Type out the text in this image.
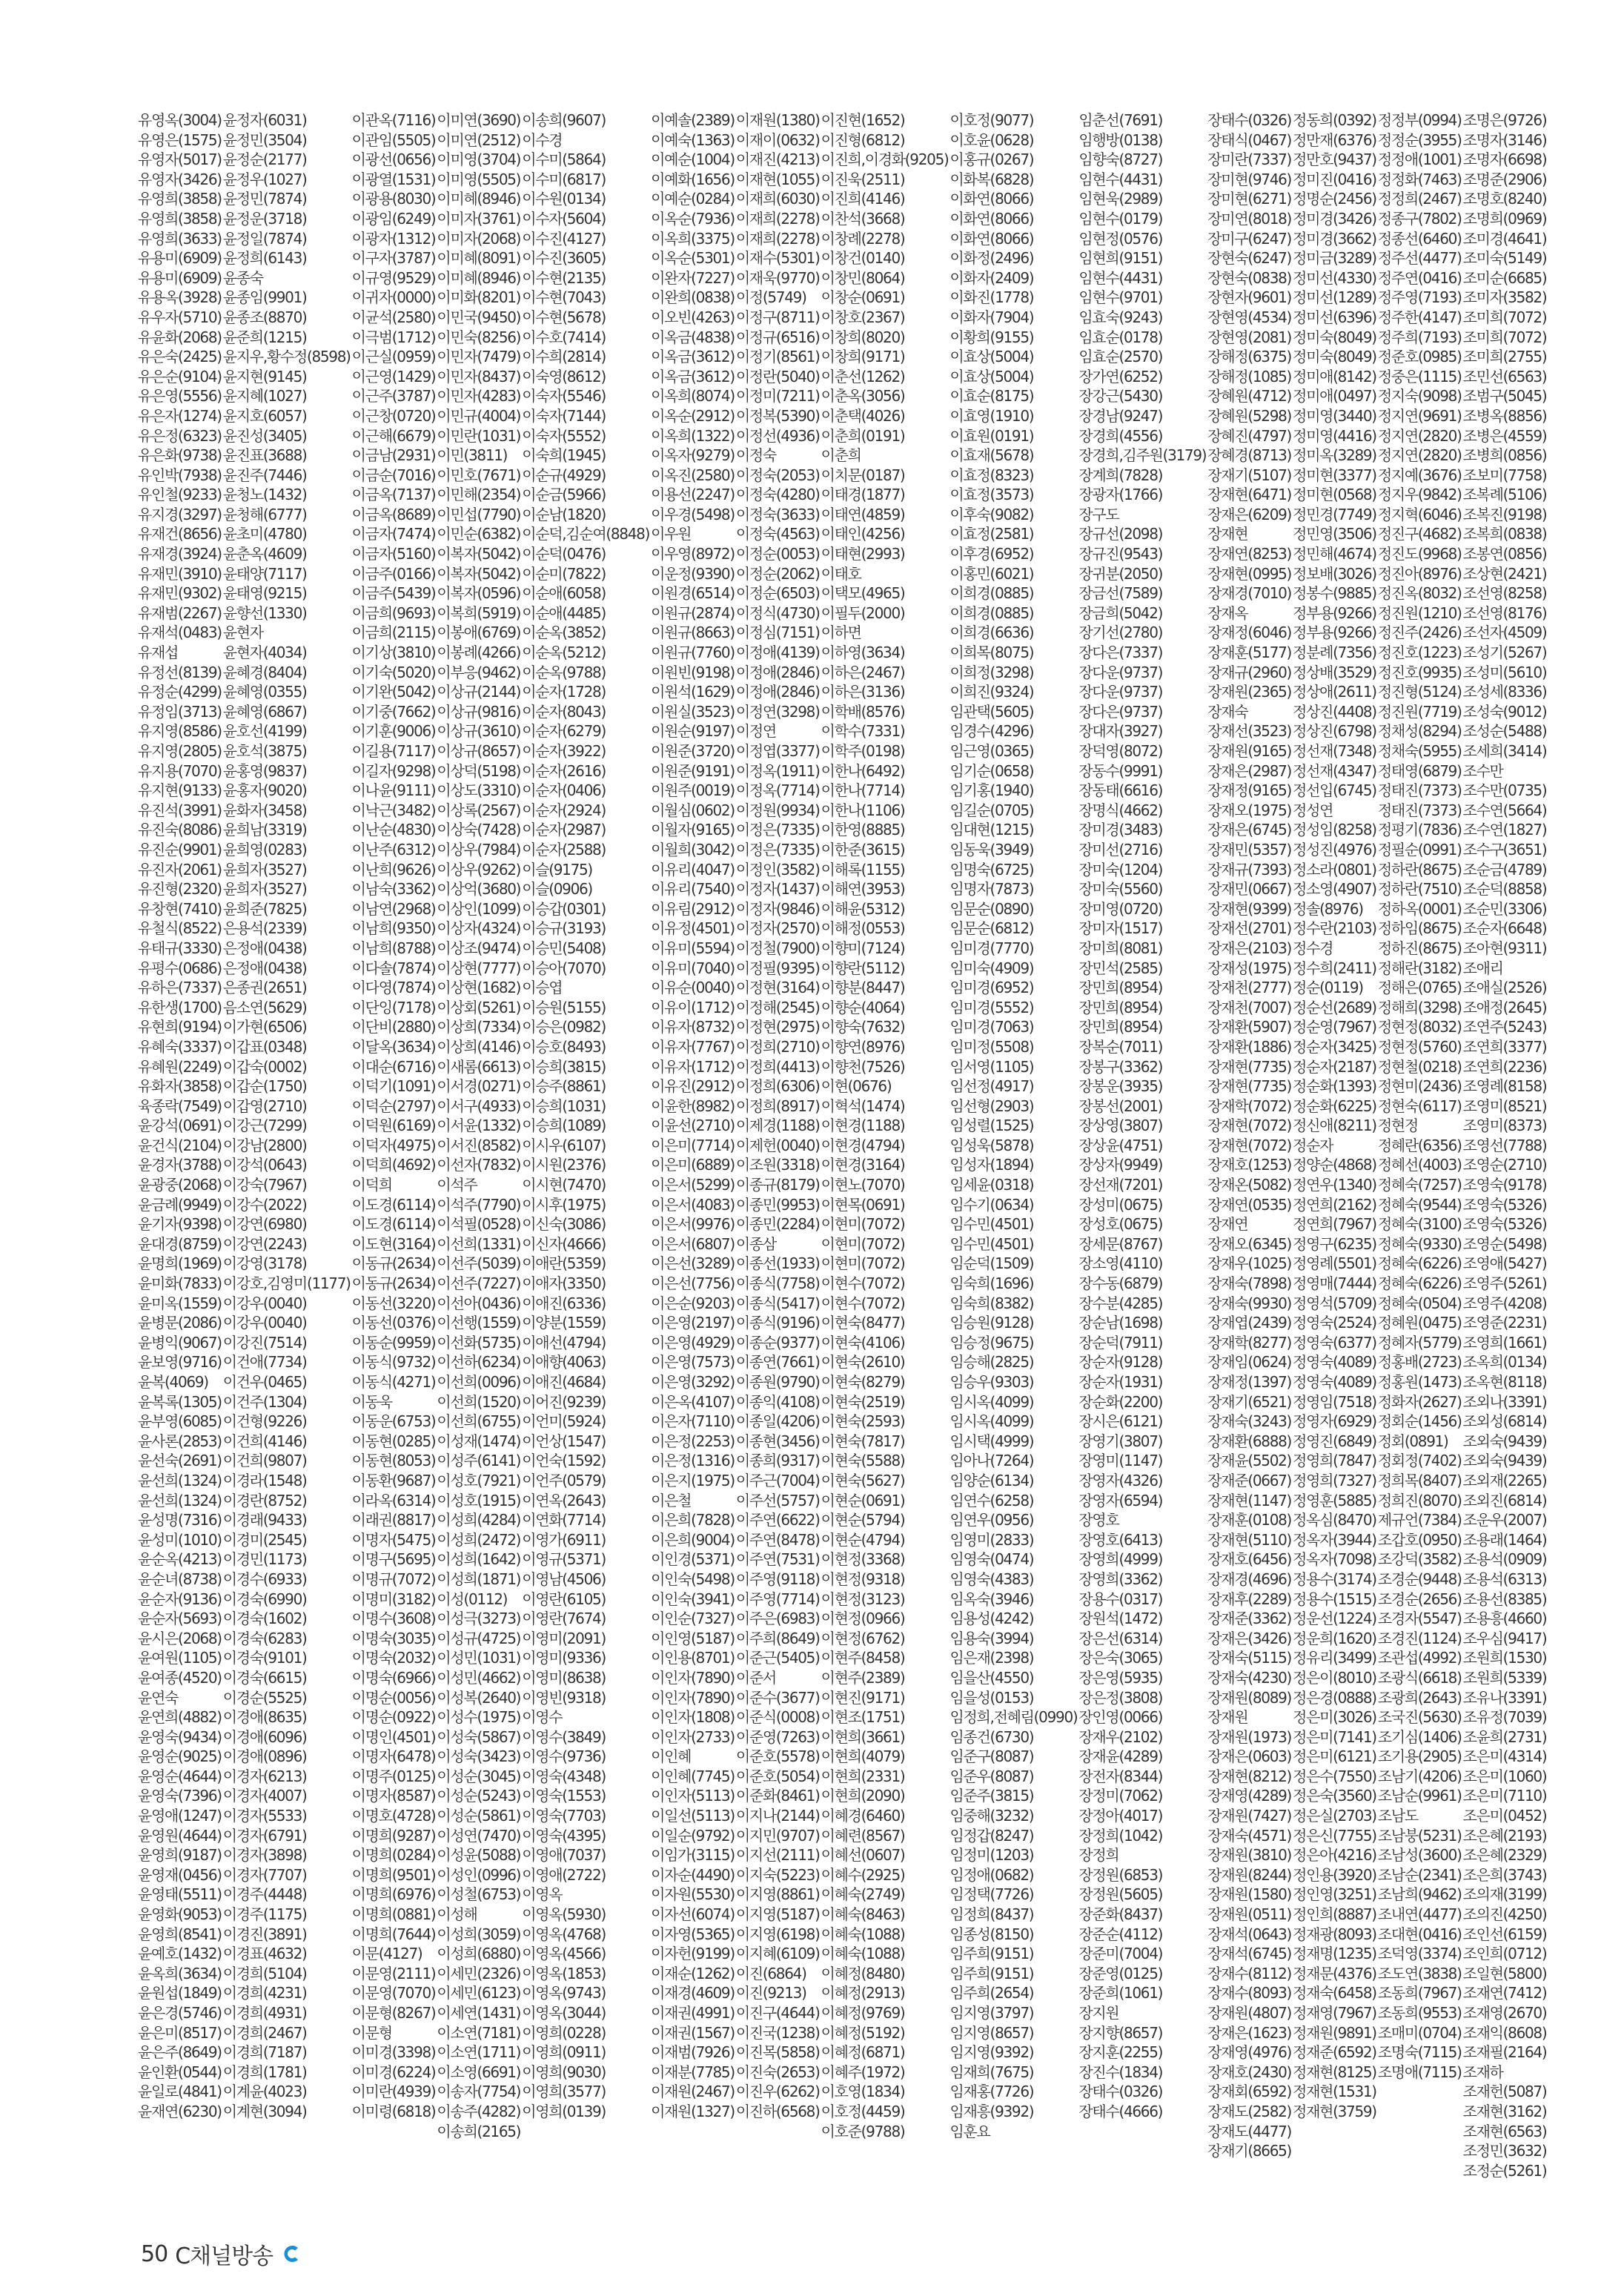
유영옥(3004)
유영은(1575)
유영자(5017)
유영자(3426)
유영희(3858)
유영희(3858)
유영희(3633)
유용미(6909)
유용미(6909)
유용옥(3928)
유우자(5710)
유윤화(2068)
유은숙(2425)
유은순(9104)
유은영(5556)
유은자(1274)
유은정(6323)
유은화(9738)
유인박(7938)
유인철(9233)
유지경(3297)
유재건(8656)
유재경(3924)
유재민(3910)
유재민(9302)
유재범(2267)
유재석(0483)
유재섭
유정선(8139)
유정순(4299)
유정임(3713)
유지영(8586)
유지영(2805)
유지용(7070)
유지현(9133)
유진석(3991)
유진숙(8086)
유진순(9901)
유진자(2061)
유진형(2320)
유창현(7410)
유철식(8522)
유태규(3330)
유평수(0686)
유하은(7337)
유한생(1700)
유현희(9194)
유혜숙(3337)
유혜원(2249)
유화자(3858)
육종락(7549)
윤강석(0691)
윤건식(2104)
윤경자(3788)
윤광중(2068)
윤금례(9949)
윤기자(9398)
윤대경(8759)
윤명희(1969)
윤미화(7833)
윤미옥(1559)
윤병문(2086)
윤병익(9067)
윤보영(9716)
윤복(4069)
윤복록(1305)
윤부영(6085)
윤사론(2853)
윤선숙(2691)
윤선희(1324)
윤선희(1324)
윤성명(7316)
윤성미(1010)
윤순옥(4213)
윤순녀(8738)
윤순자(9136)
윤순자(5693)
윤시은(2068)
윤여원(1105)
윤여종(4520)
윤연숙
윤연희(4882)
윤영숙(9434)
윤영순(9025)
윤영순(4644)
윤영숙(7396)
윤영애(1247)
윤영원(4644)
윤영희(9187)
윤영재(0456)
윤영태(5511)
윤영화(9053)
윤영희(8541)
윤예호(1432)
윤옥희(3634)
윤원섭(1849)
윤은경(5746)
윤은미(8517)
윤은주(8649)
윤인환(0544)
윤일로(4841)
윤재연(6230)
윤정자(6031)
윤정민(3504)
윤정순(2177)
윤정우(1027)
윤정민(7874)
윤정운(3718)
윤정일(7874)
윤정희(6143)
윤종숙
윤종임(9901)
윤종조(8870)
윤준희(1215)
윤지우,황수정(8598)
윤지현(9145)
윤지혜(1027)
윤지호(6057)
윤진성(3405)
윤진표(3688)
윤진주(7446)
윤청노(1432)
윤청해(6777)
윤초미(4780)
윤춘옥(4609)
윤태양(7117)
윤태영(9215)
윤향선(1330)
윤현자
윤현자(4034)
윤혜경(8404)
윤혜영(0355)
윤혜영(6867)
윤호선(4199)
윤호석(3875)
윤홍영(9837)
윤홍자(9020)
윤화자(3458)
윤희남(3319)
윤희영(0283)
윤희자(3527)
윤희자(3527)
윤희준(7825)
은용석(2339)
은정애(0438)
은정애(0438)
은종권(2651)
음소연(5629)
이가현(6506)
이갑표(0348)
이갑숙(0002)
이갑순(1750)
이갑영(2710)
이강근(7299)
이강남(2800)
이강석(0643)
이강숙(7967)
이강수(2022)
이강연(6980)
이강연(2243)
이강영(3178)
이강호,김영미(1177)
이강우(0040)
이강우(0040)
이강진(7514)
이건애(7734)
이건우(0465)
이건주(1304)
이건형(9226)
이건희(4146)
이건희(9807)
이경라(1548)
이경란(8752)
이경래(9433)
이경미(2545)
이경민(1173)
이경수(6933)
이경숙(6990)
이경숙(1602)
이경숙(6283)
이경숙(9101)
이경숙(6615)
이경순(5525)
이경애(8635)
이경애(6096)
이경애(0896)
이경자(6213)
이경자(4007)
이경자(5533)
이경자(6791)
이경자(3898)
이경자(7707)
이경주(4448)
이경주(1175)
이경진(3891)
이경표(4632)
이경희(5104)
이경희(4231)
이경희(4931)
이경희(2467)
이경희(7187)
이경희(1781)
이계윤(4023)
이계현(3094)
이관옥(7116)
이관임(5505)
이광선(0656)
이광열(1531)
이광용(8030)
이광임(6249)
이광자(1312)
이구자(3787)
이규영(9529)
이귀자(0000)
이균석(2580)
이극범(1712)
이근실(0959)
이근영(1429)
이근주(3787)
이근창(0720)
이근해(6679)
이금남(2931)
이금순(7016)
이금옥(7137)
이금옥(8689)
이금자(7474)
이금자(5160)
이금주(0166)
이금주(5439)
이금희(9693)
이금희(2115)
이기상(3810)
이기숙(5020)
이기완(5042)
이기중(7662)
이기훈(9006)
이길용(7117)
이길자(9298)
이나윤(9111)
이낙근(3482)
이난순(4830)
이난주(6312)
이난희(9626)
이남숙(3362)
이남연(2968)
이남희(9350)
이남희(8788)
이다솔(7874)
이다영(7874)
이단잉(7178)
이단비(2880)
이달옥(3634)
이대순(6716)
이덕기(1091)
이덕순(2797)
이덕원(6169)
이덕자(4975)
이덕희(4692)
이덕희
이도경(6114)
이도경(6114)
이도현(3164)
이동규(2634)
이동규(2634)
이동선(3220)
이동선(0376)
이동순(9959)
이동식(9732)
이동식(4271)
이동욱
이동운(6753)
이동현(0285)
이동현(8053)
이동환(9687)
이라옥(6314)
이래권(8817)
이명자(5475)
이명구(5695)
이명규(7072)
이명미(3182)
이명수(3608)
이명숙(3035)
이명숙(2032)
이명숙(6966)
이명순(0056)
이명순(0922)
이명인(4501)
이명자(6478)
이명주(0125)
이명자(8587)
이명호(4728)
이명희(9287)
이명희(0284)
이명희(9501)
이명희(6976)
이명희(0881)
이명희(7644)
이문(4127)
이문영(2111)
이문영(7070)
이문형(8267)
이문형
이미경(3398)
이미경(6224)
이미란(4939)
이미령(6818)
이미연(3690)
이미연(2512)
이미영(3704)
이미영(5505)
이미혜(8946)
이미자(3761)
이미자(2068)
이미혜(8091)
이미혜(8946)
이미화(8201)
이민국(9450)
이민숙(8256)
이민자(7479)
이민자(8437)
이민자(4283)
이민규(4004)
이민란(1031)
이민(3811)
이민호(7671)
이민해(2354)
이민섭(7790)
이민순(6382)
이복자(5042)
이복자(5042)
이복자(0596)
이복희(5919)
이봉애(6769)
이봉례(4266)
이부응(9462)
이상규(2144)
이상규(9816)
이상규(3610)
이상규(8657)
이상덕(5198)
이상도(3310)
이상록(2567)
이상숙(7428)
이상우(7984)
이상우(9262)
이상억(3680)
이상인(1099)
이상자(4324)
이상조(9474)
이상현(7777)
이상현(1682)
이상회(5261)
이상희(7334)
이상희(4146)
이새롬(6613)
이서경(0271)
이서구(4933)
이서윤(1332)
이서진(8582)
이선자(7832)
이석주
이석주(7790)
이석필(0528)
이선희(1331)
이선주(5039)
이선주(7227)
이선아(0436)
이선행(1559)
이선화(5735)
이선하(6234)
이선희(0096)
이선희(1520)
이선희(6755)
이성재(1474)
이성주(6141)
이성호(7921)
이성호(1915)
이성희(4284)
이성희(2472)
이성희(1642)
이성희(1871)
이성(0112)
이성극(3273)
이성규(4725)
이성민(1031)
이성민(4662)
이성복(2640)
이성수(1975)
이성숙(5867)
이성숙(3423)
이성순(3045)
이성순(5243)
이성순(5861)
이성연(7470)
이성윤(5088)
이성인(0996)
이성철(6753)
이성해
이성희(3059)
이성희(6880)
이세민(2326)
이세민(6123)
이세연(1431)
이소연(7181)
이소연(1711)
이소영(6691)
이송자(7754)
이송주(4282)
이송희(2165)
이송희(9607)
이수경
이수미(5864)
이수미(6817)
이수원(0134)
이수자(5604)
이수진(4127)
이수진(3605)
이수현(2135)
이수현(7043)
이수현(5678)
이수호(7414)
이수희(2814)
이숙영(8612)
이숙자(5546)
이숙자(7144)
이숙자(5552)
이숙희(1945)
이순규(4929)
이순금(5966)
이순남(1820)
이순덕,김순여(8848)
이순덕(0476)
이순미(7822)
이순애(6058)
이순애(4485)
이순옥(3852)
이순옥(5212)
이순옥(9788)
이순자(1728)
이순자(8043)
이순자(6279)
이순자(3922)
이순자(2616)
이순자(0406)
이순자(2924)
이순자(2987)
이순자(2588)
이슬(9175)
이슬(0906)
이승갑(0301)
이승규(3193)
이승민(5408)
이승아(7070)
이승엽
이승원(5155)
이승은(0982)
이승호(8493)
이승희(3815)
이승주(8861)
이승희(1031)
이승희(1089)
이시우(6107)
이시원(2376)
이시현(7470)
이시후(1975)
이신숙(3086)
이신자(4666)
이애란(5359)
이애자(3350)
이애진(6336)
이양분(1559)
이애선(4794)
이애향(4063)
이애진(4684)
이어진(9239)
이언미(5924)
이언상(1547)
이언숙(1592)
이언주(0579)
이연옥(2643)
이연화(7714)
이영가(6911)
이영규(5371)
이영남(4506)
이영란(6105)
이영란(7674)
이영미(2091)
이영미(9336)
이영미(8638)
이영빈(9318)
이영수
이영수(3849)
이영수(9736)
이영숙(4348)
이영숙(1553)
이영숙(7703)
이영숙(4395)
이영애(7037)
이영애(2722)
이영옥
이영옥(5930)
이영옥(4768)
이영옥(4566)
이영옥(1853)
이영옥(9743)
이영옥(3044)
이영희(0228)
이영희(0911)
이영희(9030)
이영희(3577)
이영희(0139)
이예솔(2389)
이예숙(1363)
이예순(1004)
이예화(1656)
이예순(0284)
이옥순(7936)
이옥희(3375)
이옥순(5301)
이완자(7227)
이완희(0838)
이오빈(4263)
이옥금(4838)
이옥금(3612)
이옥금(3612)
이옥희(8074)
이옥순(2912)
이옥희(1322)
이옥자(9279)
이옥진(2580)
이용선(2247)
이우경(5498)
이우원
이우영(8972)
이운정(9390)
이원경(6514)
이원규(2874)
이원규(8663)
이원규(7760)
이원빈(9198)
이원석(1629)
이원실(3523)
이원순(9197)
이원준(3720)
이원준(9191)
이원주(0019)
이월심(0602)
이월자(9165)
이월희(3042)
이유리(4047)
이유리(7540)
이유림(2912)
이유정(4501)
이유미(5594)
이유미(7040)
이유순(0040)
이유이(1712)
이유자(8732)
이유자(7767)
이유자(1712)
이유진(2912)
이윤한(8982)
이윤선(2710)
이은미(7714)
이은미(6889)
이은서(5299)
이은서(4083)
이은서(9976)
이은서(6807)
이은선(3289)
이은선(7756)
이은순(9203)
이은영(2197)
이은영(4929)
이은영(7573)
이은영(3292)
이은옥(4107)
이은자(7110)
이은정(2253)
이은정(1316)
이은지(1975)
이은철
이은희(7828)
이은희(9004)
이인경(5371)
이인숙(5498)
이인숙(3941)
이인순(7327)
이인영(5187)
이인용(8701)
이인자(7890)
이인자(7890)
이인자(1808)
이인자(2733)
이인혜
이인혜(7745)
이인자(5113)
이일선(5113)
이일순(9792)
이임가(3115)
이자순(4490)
이자원(5530)
이자선(6074)
이자영(5365)
이자헌(9199)
이재순(1262)
이재경(4609)
이재권(4991)
이재권(1567)
이재범(7926)
이재분(7785)
이재원(2467)
이재원(1327)
이재원(1380)
이재이(0632)
이재진(4213)
이재현(1055)
이재희(6030)
이재희(2278)
이재희(2278)
이재수(5301)
이재욱(9770)
이정(5749)
이정구(8711)
이정규(6516)
이정기(8561)
이정란(5040)
이정미(7211)
이정복(5390)
이정선(4936)
이정숙
이정숙(2053)
이정숙(4280)
이정숙(3633)
이정숙(4563)
이정순(0053)
이정순(2062)
이정순(6503)
이정식(4730)
이정심(7151)
이정애(4139)
이정애(2846)
이정애(2846)
이정연(3298)
이정연
이정엽(3377)
이정옥(1911)
이정옥(7714)
이정원(9934)
이정은(7335)
이정은(7335)
이정인(3582)
이정자(1437)
이정자(9846)
이정자(2570)
이정철(7900)
이정필(9395)
이정현(3164)
이정해(2545)
이정현(2975)
이정희(2710)
이정희(4413)
이정희(6306)
이정희(8917)
이제경(1188)
이제헌(0040)
이조원(3318)
이종규(8179)
이종민(9953)
이종민(2284)
이종삼
이종선(1933)
이종식(7758)
이종식(5417)
이종식(9196)
이종순(9377)
이종연(7661)
이종원(9790)
이종익(4108)
이종일(4206)
이종현(3456)
이종희(9317)
이주근(7004)
이주선(5757)
이주연(6622)
이주연(8478)
이주연(7531)
이주영(9118)
이주영(7714)
이주은(6983)
이주희(8649)
이준근(5405)
이준서
이준수(3677)
이준식(0008)
이준영(7263)
이준호(5578)
이준호(5054)
이준화(8461)
이지나(2144)
이지민(9707)
이지선(2111)
이지숙(5223)
이지영(8861)
이지영(5187)
이지영(6198)
이지혜(6109)
이진(6864)
이진(9213)
이진구(4644)
이진국(1238)
이진목(5858)
이진숙(2653)
이진우(6262)
이진하(6568)
이진현(1652)
이진형(6812)
이진희,이경화(9205)
이진욱(2511)
이진희(4146)
이찬석(3668)
이창례(2278)
이창건(0140)
이창민(8064)
이창순(0691)
이창호(2367)
이창희(8020)
이창희(9171)
이춘선(1262)
이춘옥(3056)
이춘택(4026)
이춘희(0191)
이춘희
이치문(0187)
이태경(1877)
이태연(4859)
이태인(4256)
이태현(2993)
이태호
이택모(4965)
이필두(2000)
이하면
이하영(3634)
이하은(2467)
이하은(3136)
이학배(8576)
이학수(7331)
이학주(0198)
이한나(6492)
이한나(7714)
이한나(1106)
이한영(8885)
이한준(3615)
이해록(1155)
이해연(3953)
이해윤(5312)
이해정(0553)
이향미(7124)
이향란(5112)
이향분(8447)
이향순(4064)
이향숙(7632)
이향연(8976)
이향천(7526)
이현(0676)
이혁석(1474)
이현경(1188)
이현경(4794)
이현경(3164)
이현노(7070)
이현목(0691)
이현미(7072)
이현미(7072)
이현미(7072)
이현수(7072)
이현수(7072)
이현숙(8477)
이현숙(4106)
이현숙(2610)
이현숙(8279)
이현숙(2519)
이현숙(2593)
이현숙(7817)
이현숙(5588)
이현숙(5627)
이현순(0691)
이현순(5794)
이현순(4794)
이현정(3368)
이현정(9318)
이현정(3123)
이현정(0966)
이현정(6762)
이현주(8458)
이현주(2389)
이현진(9171)
이현조(1751)
이현희(3661)
이현희(4079)
이현희(2331)
이현희(2090)
이혜경(6460)
이혜련(8567)
이혜선(0607)
이혜수(2925)
이혜숙(2749)
이혜숙(8463)
이혜숙(1088)
이혜숙(1088)
이혜정(8480)
이혜정(2913)
이혜정(9769)
이혜정(5192)
이혜정(6871)
이혜주(1972)
이호영(1834)
이호정(4459)
이호준(9788)
이호정(9077)
이호윤(0628)
이홍규(0267)
이화복(6828)
이화연(8066)
이화연(8066)
이화연(8066)
이화정(2496)
이화자(2409)
이화진(1778)
이화자(7904)
이황희(9155)
이효상(5004)
이효상(5004)
이효순(8175)
이효영(1910)
이효원(0191)
이효재(5678)
이효정(8323)
이효정(3573)
이후숙(9082)
이효정(2581)
이후경(6952)
이홍민(6021)
이희경(0885)
이희경(0885)
이희경(6636)
이희목(8075)
이희정(3298)
이희진(9324)
임관택(5605)
임경수(4296)
임근영(0365)
임기순(0658)
임기홍(1940)
임길순(0705)
임대현(1215)
임동욱(3949)
임명숙(6725)
임명자(7873)
임문순(0890)
임문순(6812)
임미경(7770)
임미숙(4909)
임미경(6952)
임미경(5552)
임미경(7063)
임미정(5508)
임서영(1105)
임선정(4917)
임선형(2903)
임성렬(1525)
임성욱(5878)
임성자(1894)
임세윤(0318)
임수기(0634)
임수민(4501)
임수민(4501)
임순덕(1509)
임숙희(1696)
임숙희(8382)
임승원(9128)
임승정(9675)
임승해(2825)
임승우(9303)
임시옥(4099)
임시옥(4099)
임시택(4999)
임아나(7264)
임양순(6134)
임연수(6258)
임연우(0956)
임영미(2833)
임영숙(0474)
임영숙(4383)
임옥숙(3946)
임용성(4242)
임용숙(3994)
임은재(2398)
임을산(4550)
임을성(0153)
임정희,전혜림(0990)
임종건(6730)
임준구(8087)
임준우(8087)
임준주(3815)
임중해(3232)
임정갑(8247)
임정미(1203)
임정애(0682)
임정택(7726)
임정희(8437)
임종성(8150)
임주희(9151)
임주희(9151)
임주희(2654)
임지영(3797)
임지영(8657)
임지영(9392)
임재희(7675)
임재홍(7726)
임재흥(9392)
임훈요
임춘선(7691)
임행방(0138)
임향숙(8727)
임현수(4431)
임현욱(2989)
임현수(0179)
임현정(0576)
임현희(9151)
임현수(4431)
임현수(9701)
임효숙(9243)
임효순(0178)
임효순(2570)
장가연(6252)
장강근(5430)
장경남(9247)
장경희(4556)
장경희,김주원(3179)
장계희(7828)
장광자(1766)
장구도
장규선(2098)
장규진(9543)
장귀분(2050)
장금선(7589)
장금희(5042)
장기선(2780)
장다은(7337)
장다운(9737)
장다운(9737)
장다은(9737)
장대자(3927)
장덕영(8072)
장동수(9991)
장동태(6616)
장명식(4662)
장미경(3483)
장미선(2716)
장미숙(1204)
장미숙(5560)
장미영(0720)
장미자(1517)
장미희(8081)
장민석(2585)
장민희(8954)
장민희(8954)
장민희(8954)
장복순(7011)
장봉구(3362)
장봉운(3935)
장봉선(2001)
장상영(3807)
장상윤(4751)
장상자(9949)
장선재(7201)
장성미(0675)
장성호(0675)
장세문(8767)
장소영(4110)
장수동(6879)
장수분(4285)
장순남(1698)
장순덕(7911)
장순자(9128)
장순자(1931)
장순화(2200)
장시은(6121)
장영기(3807)
장영미(1147)
장영자(4326)
장영자(6594)
장영호
장영호(6413)
장영희(4999)
장영희(3362)
장용수(0317)
장원석(1472)
장은선(6314)
장은숙(3065)
장은영(5935)
장은정(3808)
장인영(0066)
장재우(2102)
장재윤(4289)
장전자(8344)
장정미(7062)
장정아(4017)
장정희(1042)
장정희
장정원(6853)
장정원(5605)
장준화(8437)
장준순(4112)
장준미(7004)
장준영(0125)
장준희(1061)
장지원
장지향(8657)
장지훈(2255)
장진수(1834)
장태수(0326)
장태수(4666)
장태수(0326)
장태식(0467)
장미란(7337)
장미현(9746)
장미현(6271)
장미연(8018)
장미구(6247)
장현숙(6247)
장현숙(0838)
장현자(9601)
장현영(4534)
장현영(2081)
장해정(6375)
장해정(1085)
장혜원(4712)
장혜원(5298)
장혜진(4797)
장혜경(8713)
장재기(5107)
장재현(6471)
장재은(6209)
장재현
장재연(8253)
장재현(0995)
장재경(7010)
장재옥
장재정(6046)
장재훈(5177)
장재규(2960)
장재원(2365)
장재숙
장재선(3523)
장재원(9165)
장재은(2987)
장재정(9165)
장재오(1975)
장재은(6745)
장재민(5357)
장재규(7393)
장재민(0667)
장재현(9399)
장재선(2701)
장재은(2103)
장재성(1975)
장재천(2777)
장재천(7007)
장재환(5907)
장재환(1886)
장재현(7735)
장재현(7735)
장재학(7072)
장재현(7072)
장재현(7072)
장재호(1253)
장재온(5082)
장재연(0535)
장재연
장재오(6345)
장재우(1025)
장재숙(7898)
장재숙(9930)
장재엽(2439)
장재학(8277)
장재임(0624)
장재정(1397)
장재기(6521)
장재숙(3243)
장재환(6888)
장재윤(5502)
장재준(0667)
장재현(1147)
장재훈(0108)
장재현(5110)
장재호(6456)
장재경(4696)
장재후(2289)
장재준(3362)
장재은(3426)
장재숙(5115)
장재숙(4230)
장재원(8089)
장재원
장재원(1973)
장재은(0603)
장재현(8212)
장재영(4289)
장재원(7427)
장재숙(4571)
장재원(3810)
장재원(8244)
장재원(1580)
장재원(0511)
장재석(0643)
장재석(6745)
장재수(8112)
장재수(8093)
장재원(4807)
장재은(1623)
장재영(4976)
장재호(2430)
장재회(6592)
장재도(2582)
장재도(4477)
장재기(8665)
정동희(0392)
정만재(6376)
정만호(9437)
정미진(0416)
정명순(2456)
정미경(3426)
정미경(3662)
정미금(3289)
정미선(4330)
정미선(1289)
정미선(6396)
정미숙(8049)
정미숙(8049)
정미애(8142)
정미애(0497)
정미영(3440)
정미영(4416)
정미옥(3289)
정미현(3377)
정미현(0568)
정민경(7749)
정민영(3506)
정민해(4674)
정보배(3026)
정봉수(9885)
정부용(9266)
정부용(9266)
정분례(7356)
정상배(3529)
정상애(2611)
정상진(4408)
정상진(6798)
정선재(7348)
정선재(4347)
정선입(6745)
정성연
정성임(8258)
정성진(4976)
정소라(0801)
정소영(4907)
정솔(8976)
정수란(2103)
정수경
정수희(2411)
정순(0119)
정순선(2689)
정순영(7967)
정순자(3425)
정순자(2187)
정순화(1393)
정순화(6225)
정신애(8211)
정순자
정양순(4868)
정연우(1340)
정연희(2162)
정연희(7967)
정영구(6235)
정영례(5501)
정영매(7444)
정영석(5709)
정영숙(2524)
정영숙(6377)
정영숙(4089)
정영숙(4089)
정영임(7518)
정영자(6929)
정영진(6849)
정영희(7847)
정영희(7327)
정영훈(5885)
정옥심(8470)
정옥자(3944)
정옥자(7098)
정용수(3174)
정용수(1515)
정운선(1224)
정운희(1620)
정유리(3499)
정은이(8010)
정은경(0888)
정은미(3026)
정은미(7141)
정은미(6121)
정은수(7550)
정은숙(3560)
정은실(2703)
정은신(7755)
정은아(4216)
정인용(3920)
정인영(3251)
정인희(8887)
정재광(8093)
정재명(1235)
정재문(4376)
정재숙(6458)
정재영(7967)
정재원(9891)
정재준(6592)
정재현(8125)
정재현(1531)
정재현(3759)
정정부(0994)
정정순(3955)
정정애(1001)
정정화(7463)
정정희(2467)
정종구(7802)
정종선(6460)
정주선(4477)
정주연(0416)
정주영(7193)
정주한(4147)
정주희(7193)
정준호(0985)
정중은(1115)
정지숙(9098)
정지연(9691)
정지연(2820)
정지연(2820)
정지예(3676)
정지우(9842)
정지혁(6046)
정진구(4682)
정진도(9968)
정진아(8976)
정진옥(8032)
정진원(1210)
정진주(2426)
정진호(1223)
정진호(9935)
정진형(5124)
정진원(7719)
정채성(8294)
정채숙(5955)
정태영(6879)
정태진(7373)
정태진(7373)
정평기(7836)
정필순(0991)
정하란(8675)
정하란(7510)
정하옥(0001)
정하임(8675)
정하진(8675)
정해란(3182)
정해은(0765)
정해희(3298)
정현정(8032)
정현정(5760)
정현철(0218)
정현미(2436)
정현숙(6117)
정현정
정혜란(6356)
정혜선(4003)
정혜숙(7257)
정혜숙(9544)
정혜숙(3100)
정혜숙(9330)
정혜숙(6226)
정혜숙(6226)
정혜숙(0504)
정혜원(0475)
정혜자(5779)
정홍배(2723)
정홍원(1473)
정화자(2627)
정회순(1456)
정회(0891)
정회정(7402)
정희목(8407)
정희진(8070)
제규언(7384)
조갑호(0950)
조강덕(3582)
조경순(9448)
조경순(2656)
조경자(5547)
조경진(1124)
조관섭(4992)
조광식(6618)
조광희(2643)
조국진(5630)
조기심(1406)
조기용(2905)
조남기(4206)
조남순(9961)
조남도
조남붕(5231)
조남성(3600)
조남순(2341)
조남희(9462)
조내연(4477)
조대현(0416)
조덕영(3374)
조도연(3838)
조동희(7967)
조동희(9553)
조매미(0704)
조명숙(7115)
조명애(7115)
조명은(9726)
조명자(3146)
조명자(6698)
조명준(2906)
조명호(8240)
조명희(0969)
조미경(4641)
조미숙(5149)
조미순(6685)
조미자(3582)
조미희(7072)
조미희(7072)
조미희(2755)
조민선(6563)
조범구(5045)
조병옥(8856)
조병은(4559)
조병희(0856)
조보미(7758)
조복례(5106)
조복진(9198)
조복희(0838)
조봉연(0856)
조상현(2421)
조선영(8258)
조선영(8176)
조선자(4509)
조성기(5267)
조성미(5610)
조성세(8336)
조성숙(9012)
조성순(5488)
조세희(3414)
조수만
조수만(0735)
조수연(5664)
조수연(1827)
조수구(3651)
조순금(4789)
조순덕(8858)
조순민(3306)
조순자(6648)
조아현(9311)
조애리
조애실(2526)
조애정(2645)
조연주(5243)
조연희(3377)
조연희(2236)
조영례(8158)
조영미(8521)
조영미(8373)
조영선(7788)
조영순(2710)
조영숙(9178)
조영숙(5326)
조영숙(5326)
조영순(5498)
조영애(5427)
조영주(5261)
조영주(4208)
조영준(2231)
조영희(1661)
조옥희(0134)
조옥현(8118)
조외나(3391)
조외성(6814)
조외숙(9439)
조외숙(9439)
조외재(2265)
조외진(6814)
조운우(2007)
조용래(1464)
조용석(0909)
조용석(6313)
조용선(8385)
조용흥(4660)
조우심(9417)
조원희(1530)
조원희(5339)
조유나(3391)
조유정(7039)
조윤희(2731)
조은미(4314)
조은미(1060)
조은미(7110)
조은미(0452)
조은혜(2193)
조은혜(2329)
조은희(3743)
조의재(3199)
조의진(4250)
조인선(6159)
조인희(0712)
조일현(5800)
조재연(7412)
조재영(2670)
조재익(8608)
조재필(2164)
조재하
조재헌(5087)
조재현(3162)
조재현(6563)
조정민(3632)
조정순(5261)
50 C채널방송
